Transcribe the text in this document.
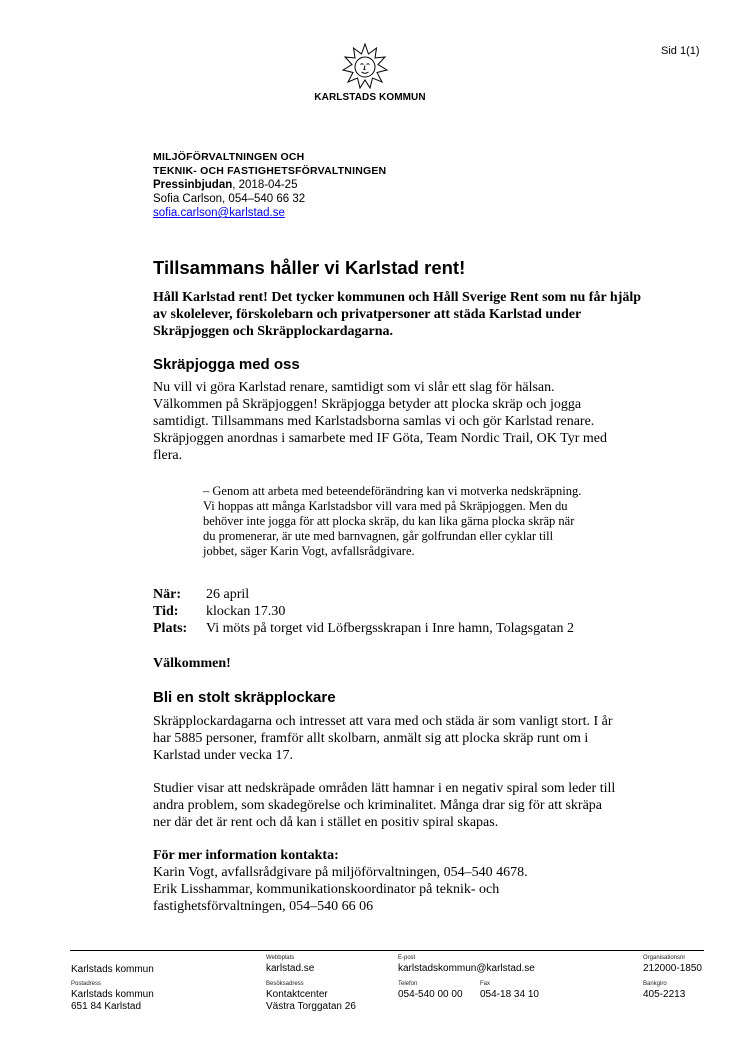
Sid 1(1)
KARLSTADS KOMMUN
MILJÖFÖRVALTNINGEN OCH
TEKNIK- OCH FASTIGHETSFÖRVALTNINGEN
Pressinbjudan, 2018-04-25
Sofia Carlson, 054–540 66 32
sofia.carlson@karlstad.se
Tillsammans håller vi Karlstad rent!
Håll Karlstad rent! Det tycker kommunen och Håll Sverige Rent som nu får hjälp av skolelever, förskolebarn och privatpersoner att städa Karlstad under Skräpjoggen och Skräpplockardagarna.
Skräpjogga med oss
Nu vill vi göra Karlstad renare, samtidigt som vi slår ett slag för hälsan. Välkommen på Skräpjoggen! Skräpjogga betyder att plocka skräp och jogga samtidigt. Tillsammans med Karlstadsborna samlas vi och gör Karlstad renare. Skräpjoggen anordnas i samarbete med IF Göta, Team Nordic Trail, OK Tyr med flera.
– Genom att arbeta med beteendeförändring kan vi motverka nedskräpning. Vi hoppas att många Karlstadsbor vill vara med på Skräpjoggen. Men du behöver inte jogga för att plocka skräp, du kan lika gärna plocka skräp när du promenerar, är ute med barnvagnen, går golfrundan eller cyklar till jobbet, säger Karin Vogt, avfallsrådgivare.
När:	26 april
Tid:	klockan 17.30
Plats:	Vi möts på torget vid Löfbergsskrapan i Inre hamn, Tolagsgatan 2
Välkommen!
Bli en stolt skräpplockare
Skräpplockardagarna och intresset att vara med och städa är som vanligt stort. I år har 5885 personer, framför allt skolbarn, anmält sig att plocka skräp runt om i Karlstad under vecka 17.
Studier visar att nedskräpade områden lätt hamnar i en negativ spiral som leder till andra problem, som skadegörelse och kriminalitet. Många drar sig för att skräpa ner där det är rent och då kan i stället en positiv spiral skapas.
För mer information kontakta:
Karin Vogt, avfallsrådgivare på miljöförvaltningen, 054–540 4678.
Erik Lisshammar, kommunikationskoordinator på teknik- och
fastighetsförvaltningen, 054–540 66 06
Karlstads kommun
Webbplats
karlstad.se
E-post
karlstadskommun@karlstad.se
Organisationsnr
212000-1850
Postadress
Karlstads kommun
651 84 Karlstad
Besöksadress
Kontaktcenter
Västra Torggatan 26
Telefon
054-540 00 00
Fax
054-18 34 10
Bankgiro
405-2213
